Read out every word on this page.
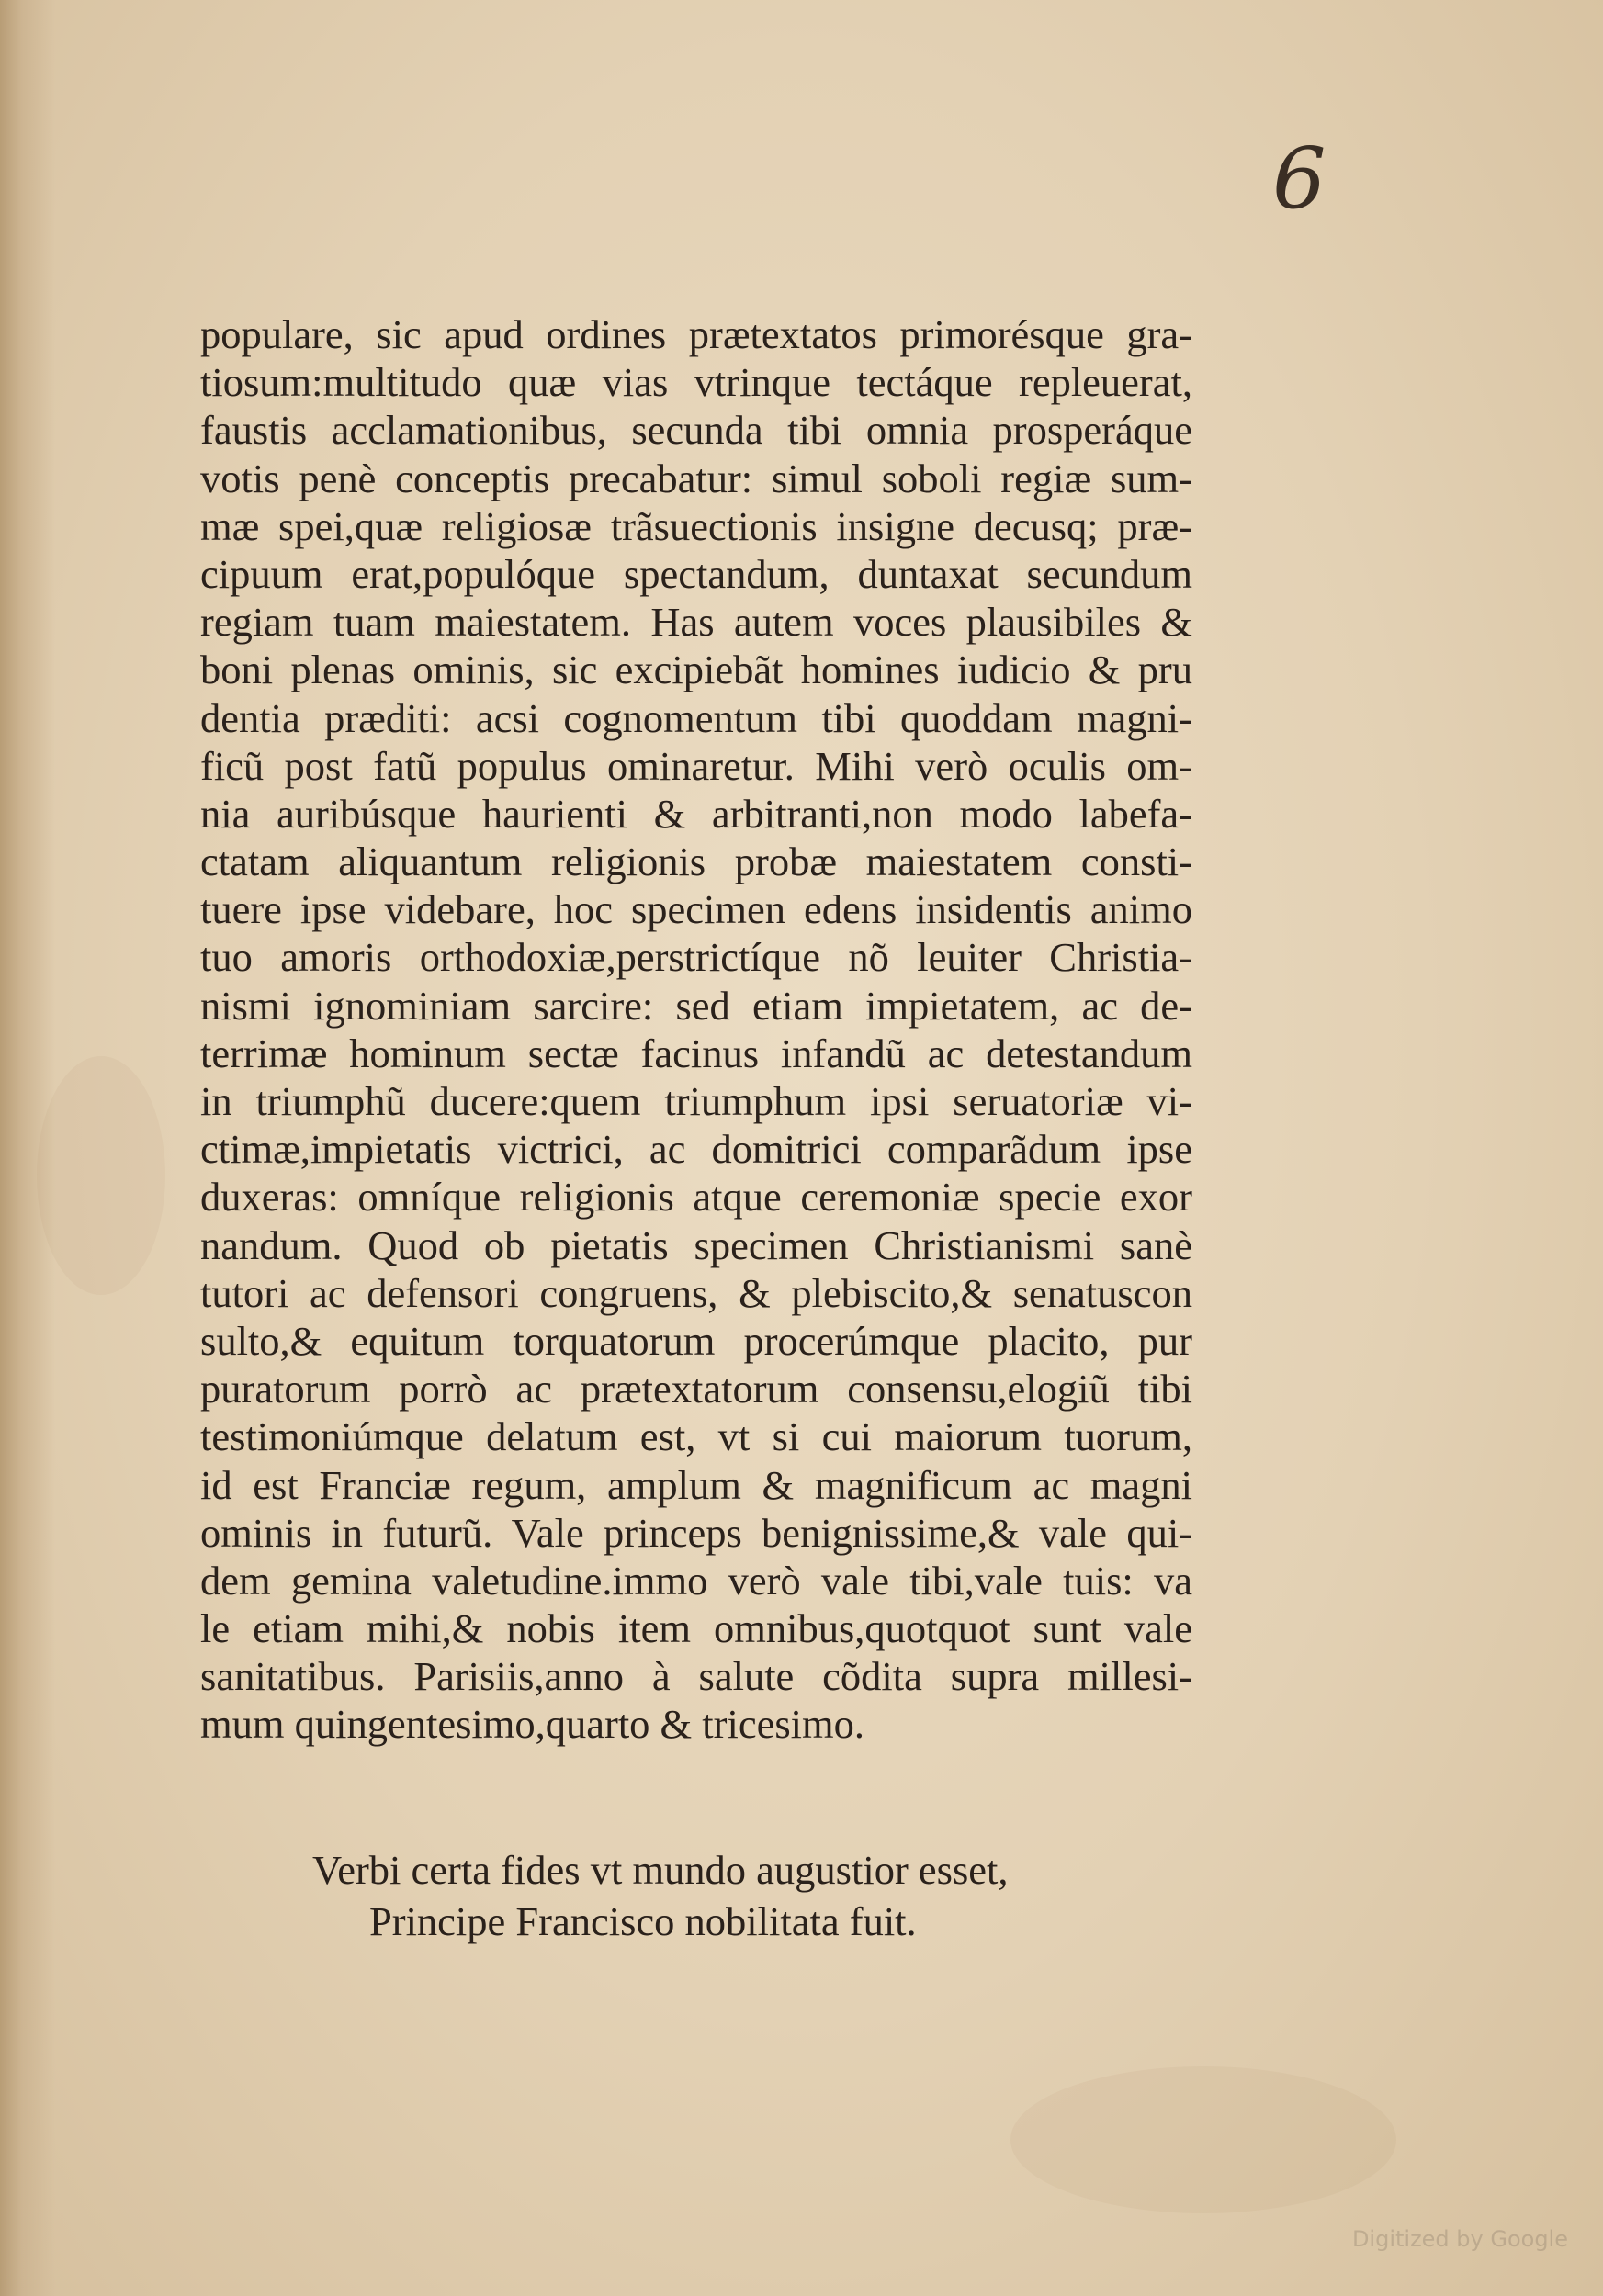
6
populare, sic apud ordines prætextatos primorésque gra-
tiosum:multitudo quæ vias vtrinque tectáque repleuerat,
faustis acclamationibus, secunda tibi omnia prosperáque
votis penè conceptis precabatur: simul soboli regiæ sum-
mæ spei,quæ religiosæ trãsuectionis insigne decusq; præ-
cipuum erat,populóque spectandum, duntaxat secundum
regiam tuam maiestatem. Has autem voces plausibiles &
boni plenas ominis, sic excipiebãt homines iudicio & pru
dentia præditi: acsi cognomentum tibi quoddam magni-
ficũ post fatũ populus ominaretur. Mihi verò oculis om-
nia auribúsque haurienti & arbitranti,non modo labefa-
ctatam aliquantum religionis probæ maiestatem consti-
tuere ipse videbare, hoc specimen edens insidentis animo
tuo amoris orthodoxiæ,perstrictíque nõ leuiter Christia-
nismi ignominiam sarcire: sed etiam impietatem, ac de-
terrimæ hominum sectæ facinus infandũ ac detestandum
in triumphũ ducere:quem triumphum ipsi seruatoriæ vi-
ctimæ,impietatis victrici, ac domitrici comparãdum ipse
duxeras: omníque religionis atque ceremoniæ specie exor
nandum. Quod ob pietatis specimen Christianismi sanè
tutori ac defensori congruens, & plebiscito,& senatuscon
sulto,& equitum torquatorum procerúmque placito, pur
puratorum porrò ac prætextatorum consensu,elogiũ tibi
testimoniúmque delatum est, vt si cui maiorum tuorum,
id est Franciæ regum, amplum & magnificum ac magni
ominis in futurũ. Vale princeps benignissime,& vale qui-
dem gemina valetudine.immo verò vale tibi,vale tuis: va
le etiam mihi,& nobis item omnibus,quotquot sunt vale
sanitatibus. Parisiis,anno à salute cõdita supra millesi-
mum quingentesimo,quarto & tricesimo.
Verbi certa fides vt mundo augustior esset,
Principe Francisco nobilitata fuit.
Digitized by Google
